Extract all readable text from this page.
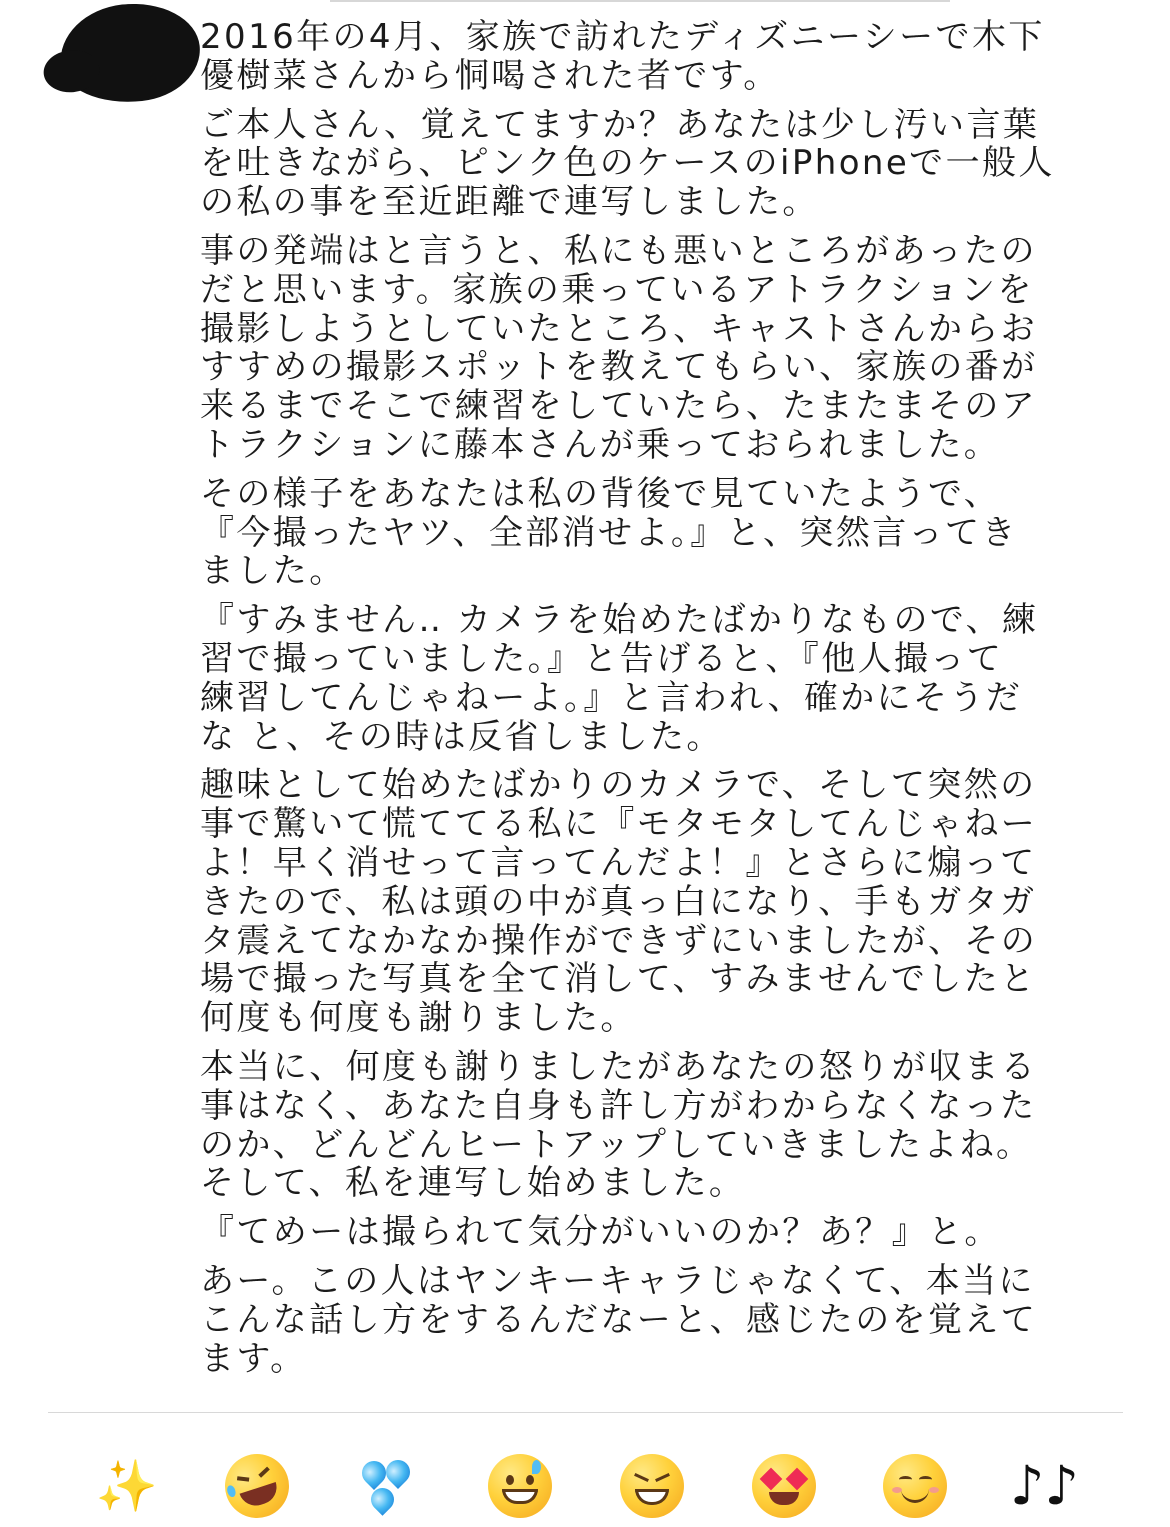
2016年の4月、家族で訪れたディズニーシーで木下
優樹菜さんから恫喝された者です。

ご本人さん、覚えてますか？あなたは少し汚い言葉
を吐きながら、ピンク色のケースのiPhoneで一般人
の私の事を至近距離で連写しました。

事の発端はと言うと、私にも悪いところがあったの
だと思います。家族の乗っているアトラクションを
撮影しようとしていたところ、キャストさんからお
すすめの撮影スポットを教えてもらい、家族の番が
来るまでそこで練習をしていたら、たまたまそのア
トラクションに藤本さんが乗っておられました。

その様子をあなたは私の背後で見ていたようで、
『今撮ったヤツ、全部消せよ。』と、突然言ってき
ました。

『すみません‥ カメラを始めたばかりなもので、練
習で撮っていました。』と告げると、『他人撮って
練習してんじゃねーよ。』と言われ、確かにそうだ
な と、その時は反省しました。

趣味として始めたばかりのカメラで、そして突然の
事で驚いて慌ててる私に『モタモタしてんじゃねー
よ！早く消せって言ってんだよ！』とさらに煽って
きたので、私は頭の中が真っ白になり、手もガタガ
タ震えてなかなか操作ができずにいましたが、その
場で撮った写真を全て消して、すみませんでしたと
何度も何度も謝りました。

本当に、何度も謝りましたがあなたの怒りが収まる
事はなく、あなた自身も許し方がわからなくなった
のか、どんどんヒートアップしていきましたよね。
そして、私を連写し始めました。

『てめーは撮られて気分がいいのか？あ？』と。

あー。この人はヤンキーキャラじゃなくて、本当に
こんな話し方をするんだなーと、感じたのを覚えて
ます。

✨	♪♪
